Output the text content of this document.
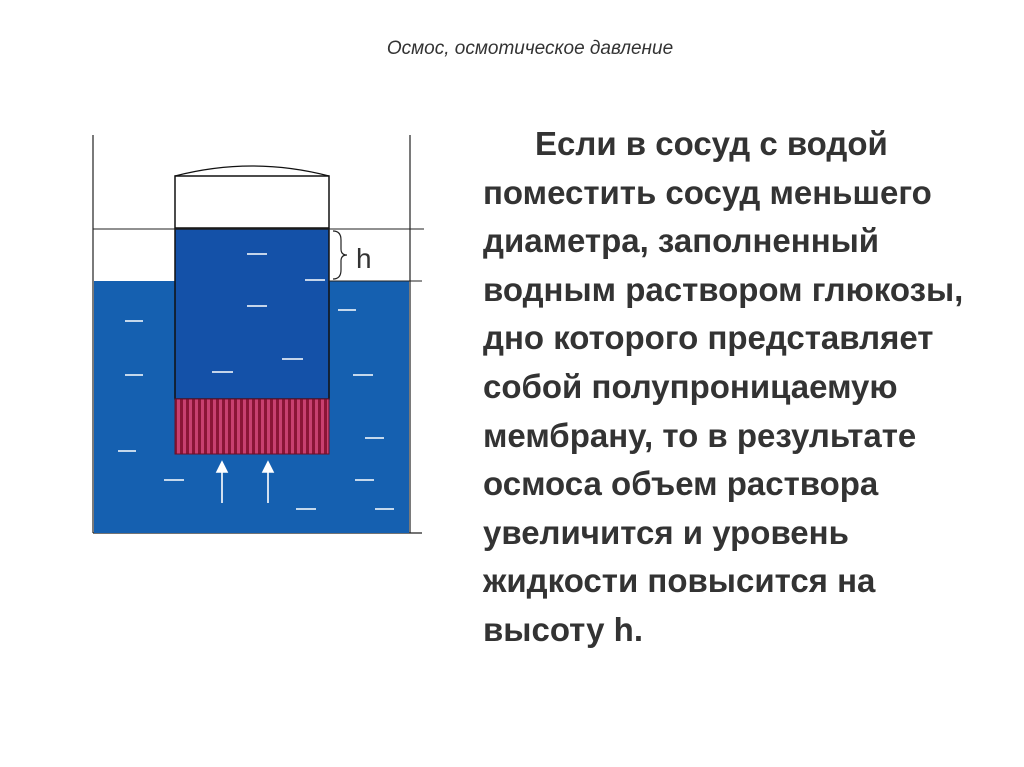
Осмос, осмотическое давление
h

Если в сосуд с водой поместить сосуд меньшего диаметра, заполненный водным раствором глюкозы, дно которого представляет собой полупроницаемую мембрану, то в результате осмоса объем раствора увеличится и уровень жидкости повысится на высоту h.
